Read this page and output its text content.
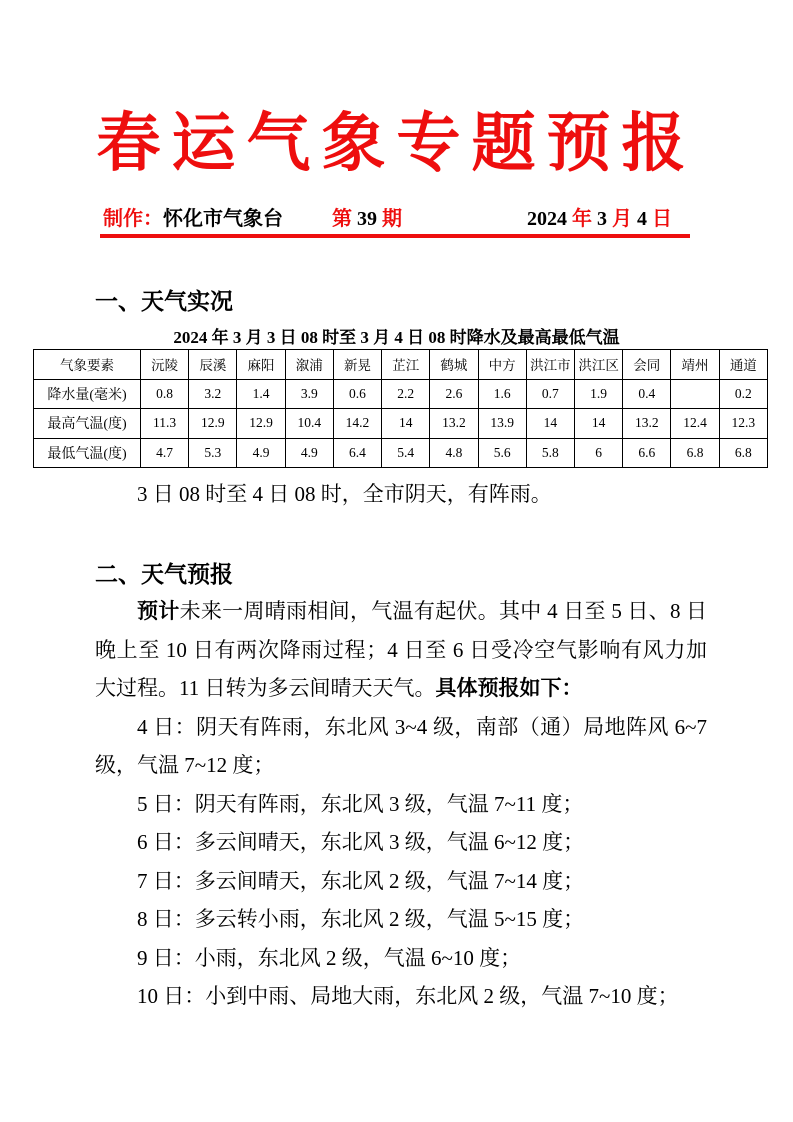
春运气象专题预报
制作：怀化市气象台 第 39 期	2024 年 3 月 4 日
一、天气实况
2024 年 3 月 3 日 08 时至 3 月 4 日 08 时降水及最高最低气温
气象要素	沅陵	辰溪	麻阳	溆浦	新晃	芷江	鹤城	中方	洪江市	洪江区	会同	靖州	通道
降水量(毫米)	0.8	3.2	1.4	3.9	0.6	2.2	2.6	1.6	0.7	1.9	0.4		0.2
最高气温(度)	11.3	12.9	12.9	10.4	14.2	14	13.2	13.9	14	14	13.2	12.4	12.3
最低气温(度)	4.7	5.3	4.9	4.9	6.4	5.4	4.8	5.6	5.8	6	6.6	6.8	6.8
3 日 08 时至 4 日 08 时，全市阴天，有阵雨。
二、天气预报

预计未来一周晴雨相间，气温有起伏。其中 4 日至 5 日、8 日晚上至 10 日有两次降雨过程；4 日至 6 日受冷空气影响有风力加大过程。11 日转为多云间晴天天气。具体预报如下：

4 日：阴天有阵雨，东北风 3~4 级，南部（通）局地阵风 6~7 级，气温 7~12 度；

5 日：阴天有阵雨，东北风 3 级，气温 7~11 度；

6 日：多云间晴天，东北风 3 级，气温 6~12 度；

7 日：多云间晴天，东北风 2 级，气温 7~14 度；

8 日：多云转小雨，东北风 2 级，气温 5~15 度；

9 日：小雨，东北风 2 级，气温 6~10 度；

10 日：小到中雨、局地大雨，东北风 2 级，气温 7~10 度；
